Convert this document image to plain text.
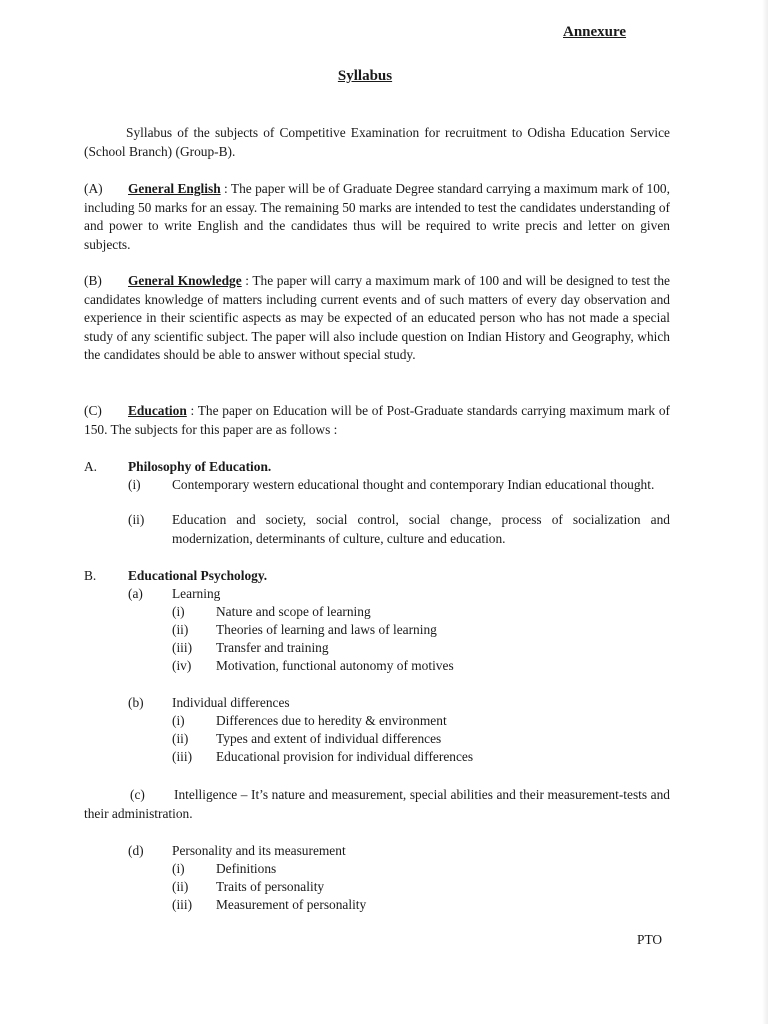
Annexure
Syllabus
Syllabus of the subjects of Competitive Examination for recruitment to Odisha Education Service (School Branch) (Group-B).
(A) General English : The paper will be of Graduate Degree standard carrying a maximum mark of 100, including 50 marks for an essay. The remaining 50 marks are intended to test the candidates understanding of and power to write English and the candidates thus will be required to write precis and letter on given subjects.
(B) General Knowledge : The paper will carry a maximum mark of 100 and will be designed to test the candidates knowledge of matters including current events and of such matters of every day observation and experience in their scientific aspects as may be expected of an educated person who has not made a special study of any scientific subject. The paper will also include question on Indian History and Geography, which the candidates should be able to answer without special study.
(C) Education : The paper on Education will be of Post-Graduate standards carrying maximum mark of 150. The subjects for this paper are as follows :
A. Philosophy of Education.
(i) Contemporary western educational thought and contemporary Indian educational thought.
(ii) Education and society, social control, social change, process of socialization and modernization, determinants of culture, culture and education.
B. Educational Psychology.
(a) Learning
(i) Nature and scope of learning
(ii) Theories of learning and laws of learning
(iii) Transfer and training
(iv) Motivation, functional autonomy of motives
(b) Individual differences
(i) Differences due to heredity & environment
(ii) Types and extent of individual differences
(iii) Educational provision for individual differences
(c) Intelligence – It’s nature and measurement, special abilities and their measurement-tests and their administration.
(d) Personality and its measurement
(i) Definitions
(ii) Traits of personality
(iii) Measurement of personality
PTO
